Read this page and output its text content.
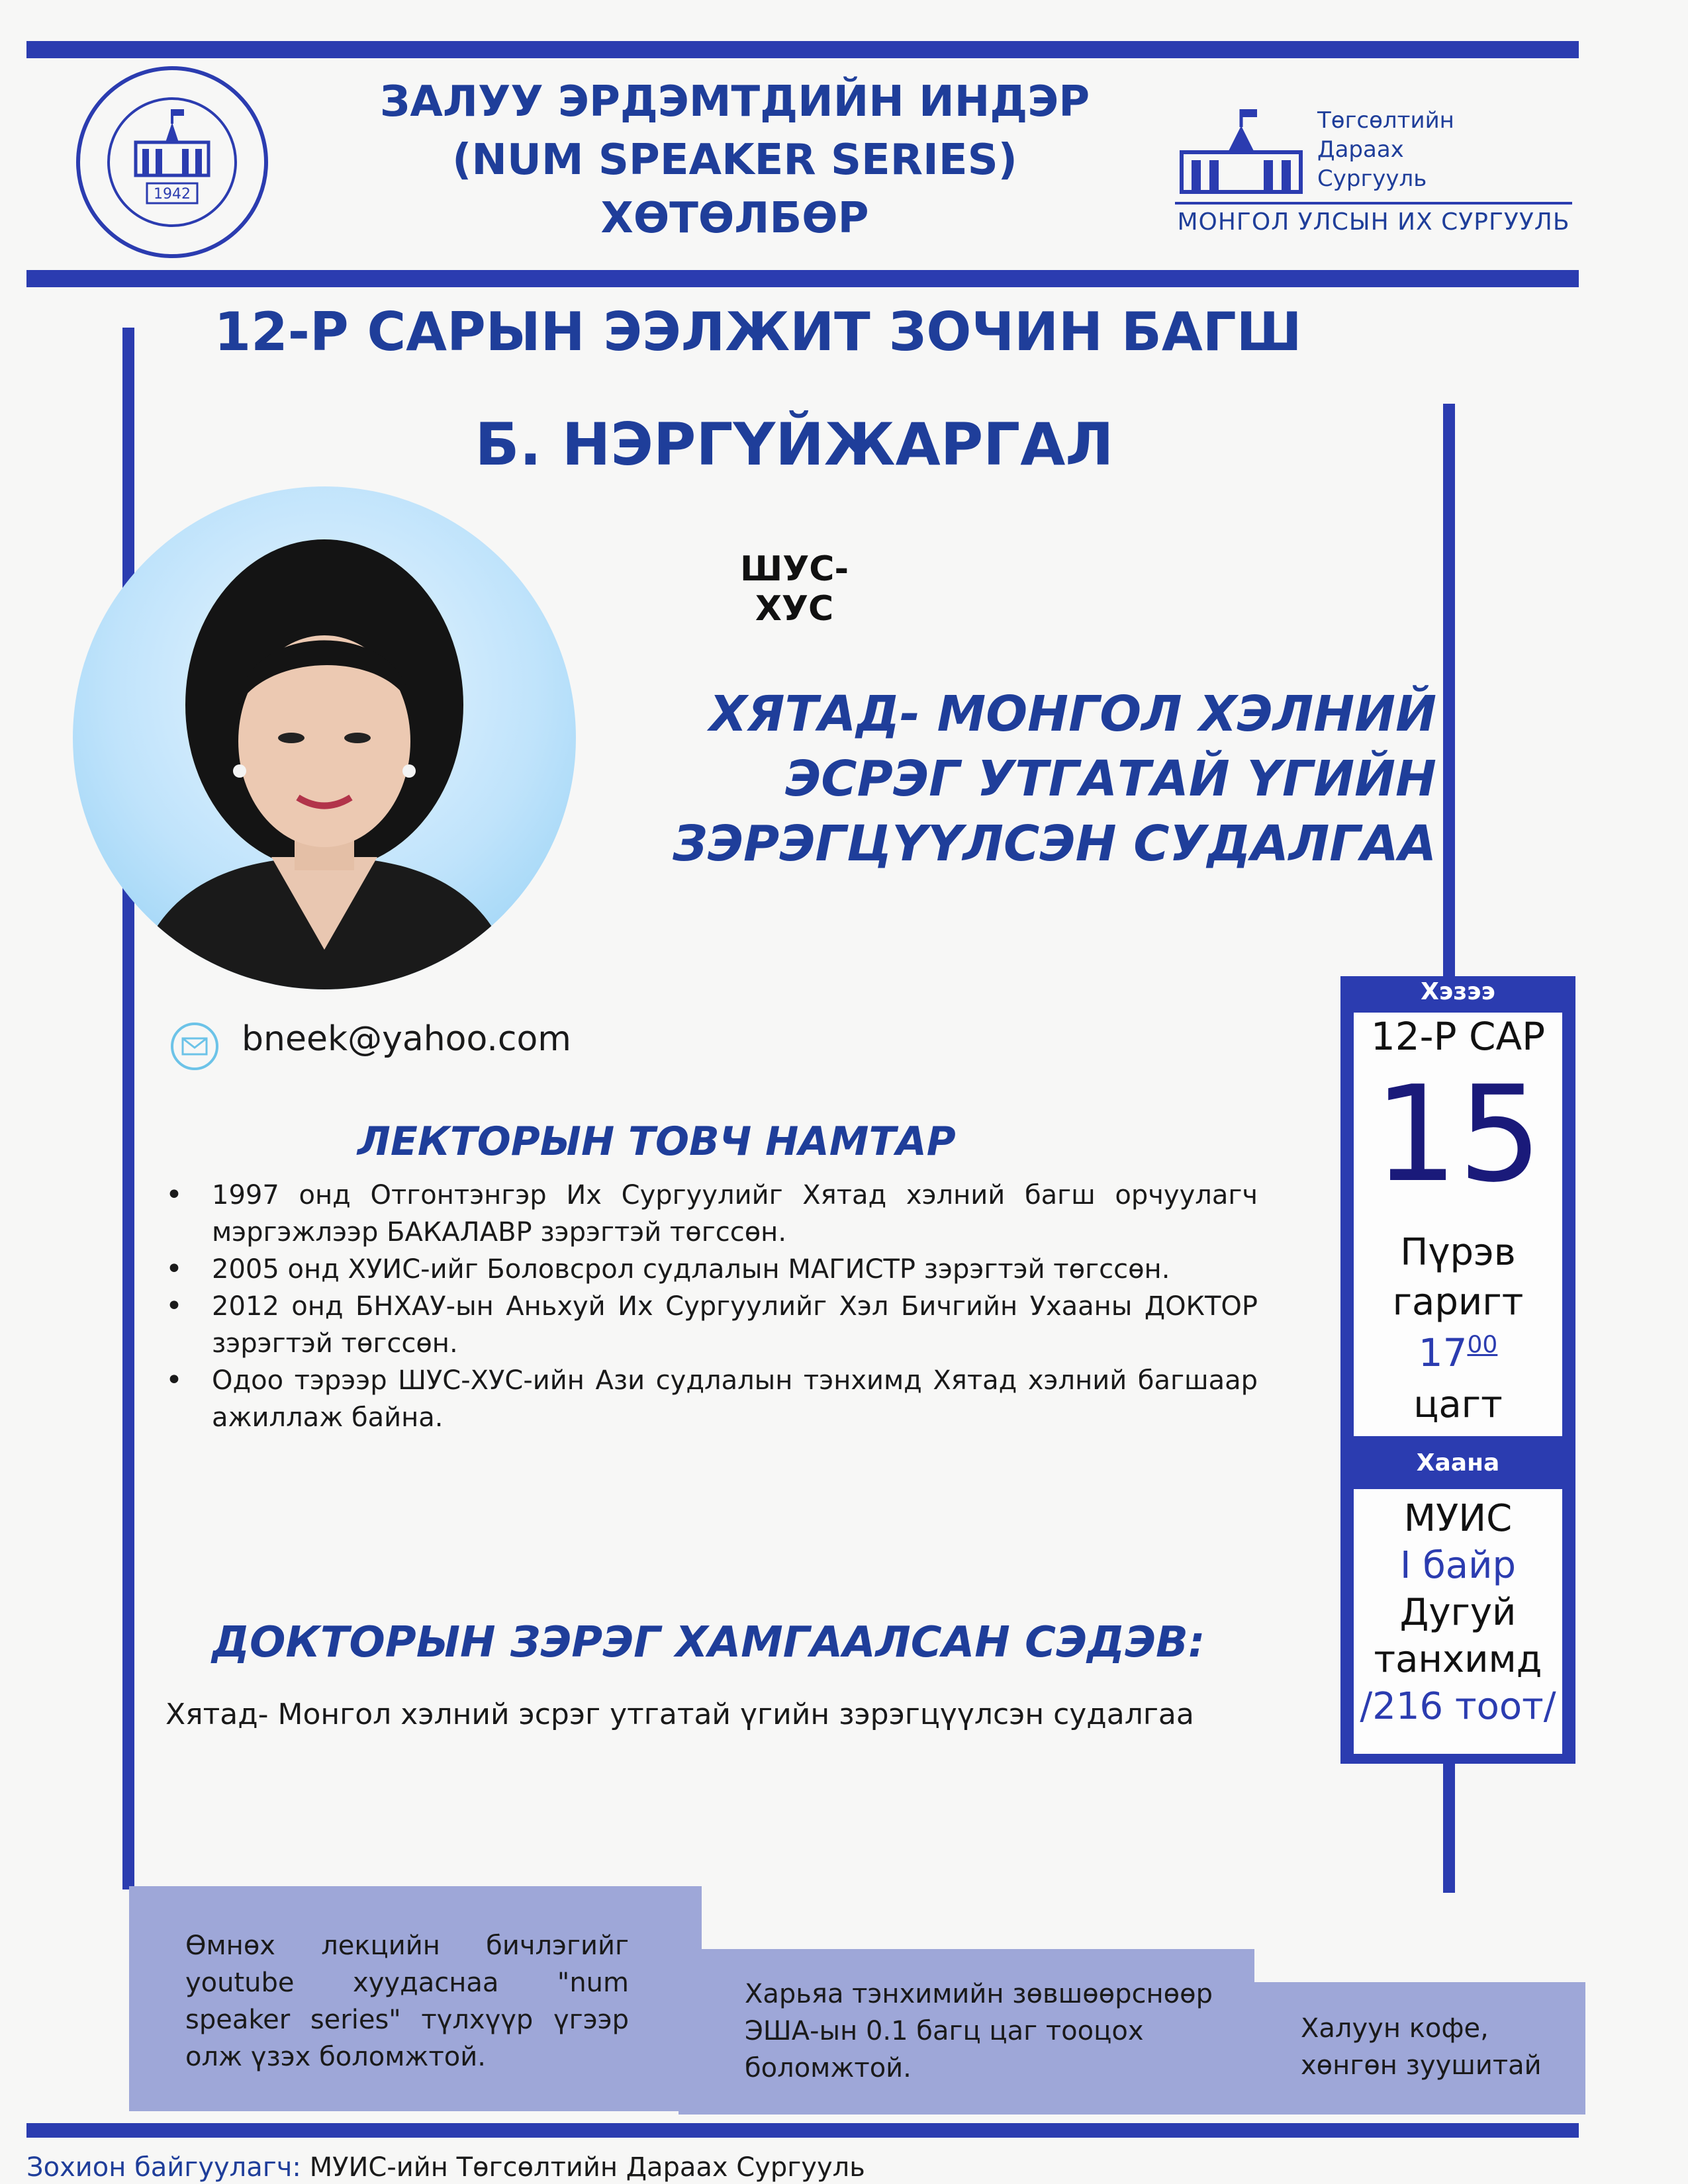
1942
ЗАЛУУ ЭРДЭМТДИЙН ИНДЭР
(NUM SPEAKER SERIES)
ХӨТӨЛБӨР
Төгсөлтийн
Дараах
Сургууль
МОНГОЛ УЛСЫН ИХ СУРГУУЛЬ
12-Р САРЫН ЭЭЛЖИТ ЗОЧИН БАГШ
Б. НЭРГҮЙЖАРГАЛ
ШУС-ХУС
ХЯТАД- МОНГОЛ ХЭЛНИЙ
ЭСРЭГ УТГАТАЙ ҮГИЙН
ЗЭРЭГЦҮҮЛСЭН СУДАЛГАА
bneek@yahoo.com
ЛЕКТОРЫН ТОВЧ НАМТАР
• 1997 онд Отгонтэнгэр Их Сургуулийг Хятад хэлний багш орчуулагч мэргэжлээр БАКАЛАВР зэрэгтэй төгссөн.
• 2005 онд ХУИС-ийг Боловсрол судлалын МАГИСТР зэрэгтэй төгссөн.
• 2012 онд БНХАУ-ын Аньхуй Их Сургуулийг Хэл Бичгийн Ухааны ДОКТОР зэрэгтэй төгссөн.
• Одоо тэрээр ШУС-ХУС-ийн Ази судлалын тэнхимд Хятад хэлний багшаар ажиллаж байна.
ДОКТОРЫН ЗЭРЭГ ХАМГААЛСАН СЭДЭВ:
Хятад- Монгол хэлний эсрэг утгатай үгийн зэрэгцүүлсэн судалгаа
Хэзээ
12-Р САР
15
Пүрэв
гаригт
$17^{00}$
цагт
Хаана
МУИС
I байр
Дугуй
танхимд
/216 тоот/
Өмнөх лекцийн бичлэгийг youtube хуудаснаа "num speaker series" түлхүүр үгээр олж үзэх боломжтой.
Харьяа тэнхимийн зөвшөөрснөөр ЭША-ын 0.1 багц цаг тооцох боломжтой.
Халуун кофе, хөнгөн зуушитай
Зохион байгуулагч: МУИС-ийн Төгсөлтийн Дараах Сургууль
